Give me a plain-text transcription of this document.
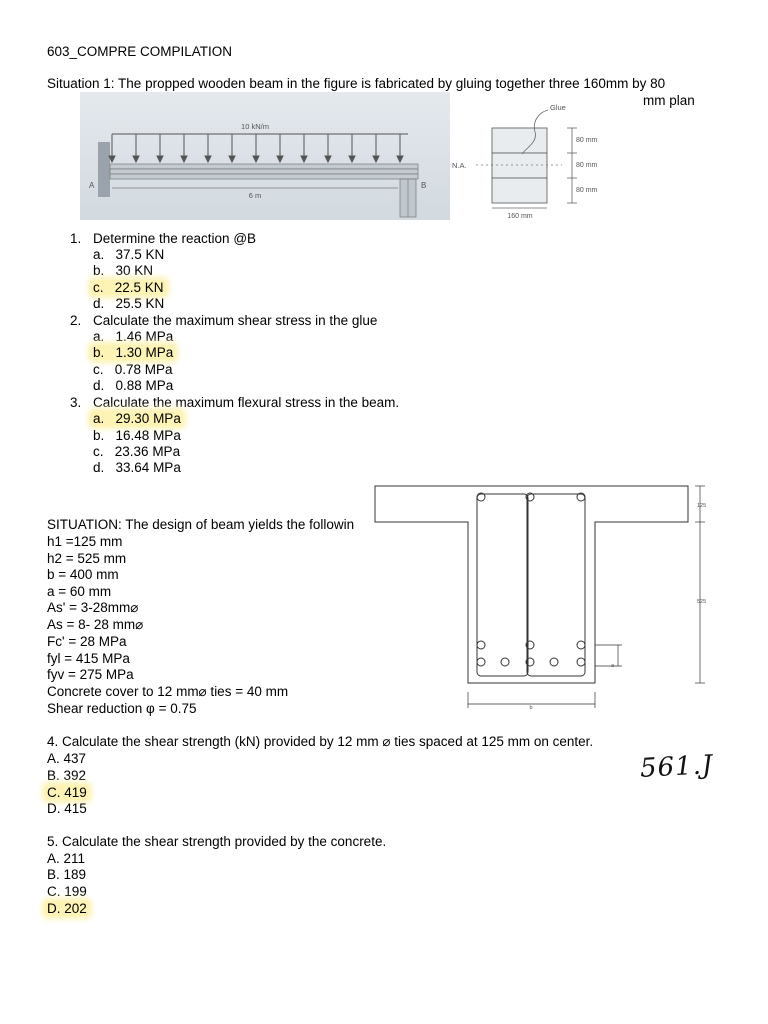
603_COMPRE COMPILATION
Situation 1: The propped wooden beam in the figure is fabricated by gluing together three 160mm by 80
mm plan
10 kN/m
6 m
A	B
Glue
N.A.
80 mm
80 mm
80 mm
160 mm
1. Determine the reaction @B
a. 37.5 KN
b. 30 KN
c. 22.5 KN
d. 25.5 KN
2. Calculate the maximum shear stress in the glue
a. 1.46 MPa
b. 1.30 MPa
c. 0.78 MPa
d. 0.88 MPa
3. Calculate the maximum flexural stress in the beam.
a. 29.30 MPa
b. 16.48 MPa
c. 23.36 MPa
d. 33.64 MPa
SITUATION: The design of beam yields the followin
h1 =125 mm
h2 = 525 mm
b = 400 mm
a = 60 mm
As' = 3-28mm⌀
As = 8- 28 mm⌀
Fc' = 28 MPa
fyl = 415 MPa
fyv = 275 MPa
Concrete cover to 12 mm⌀ ties = 40 mm
Shear reduction φ = 0.75
125
525
b
a
4. Calculate the shear strength (kN) provided by 12 mm ⌀ ties spaced at 125 mm on center.
A. 437
B. 392
C. 419
D. 415
561.J
5. Calculate the shear strength provided by the concrete.
A. 211
B. 189
C. 199
D. 202
